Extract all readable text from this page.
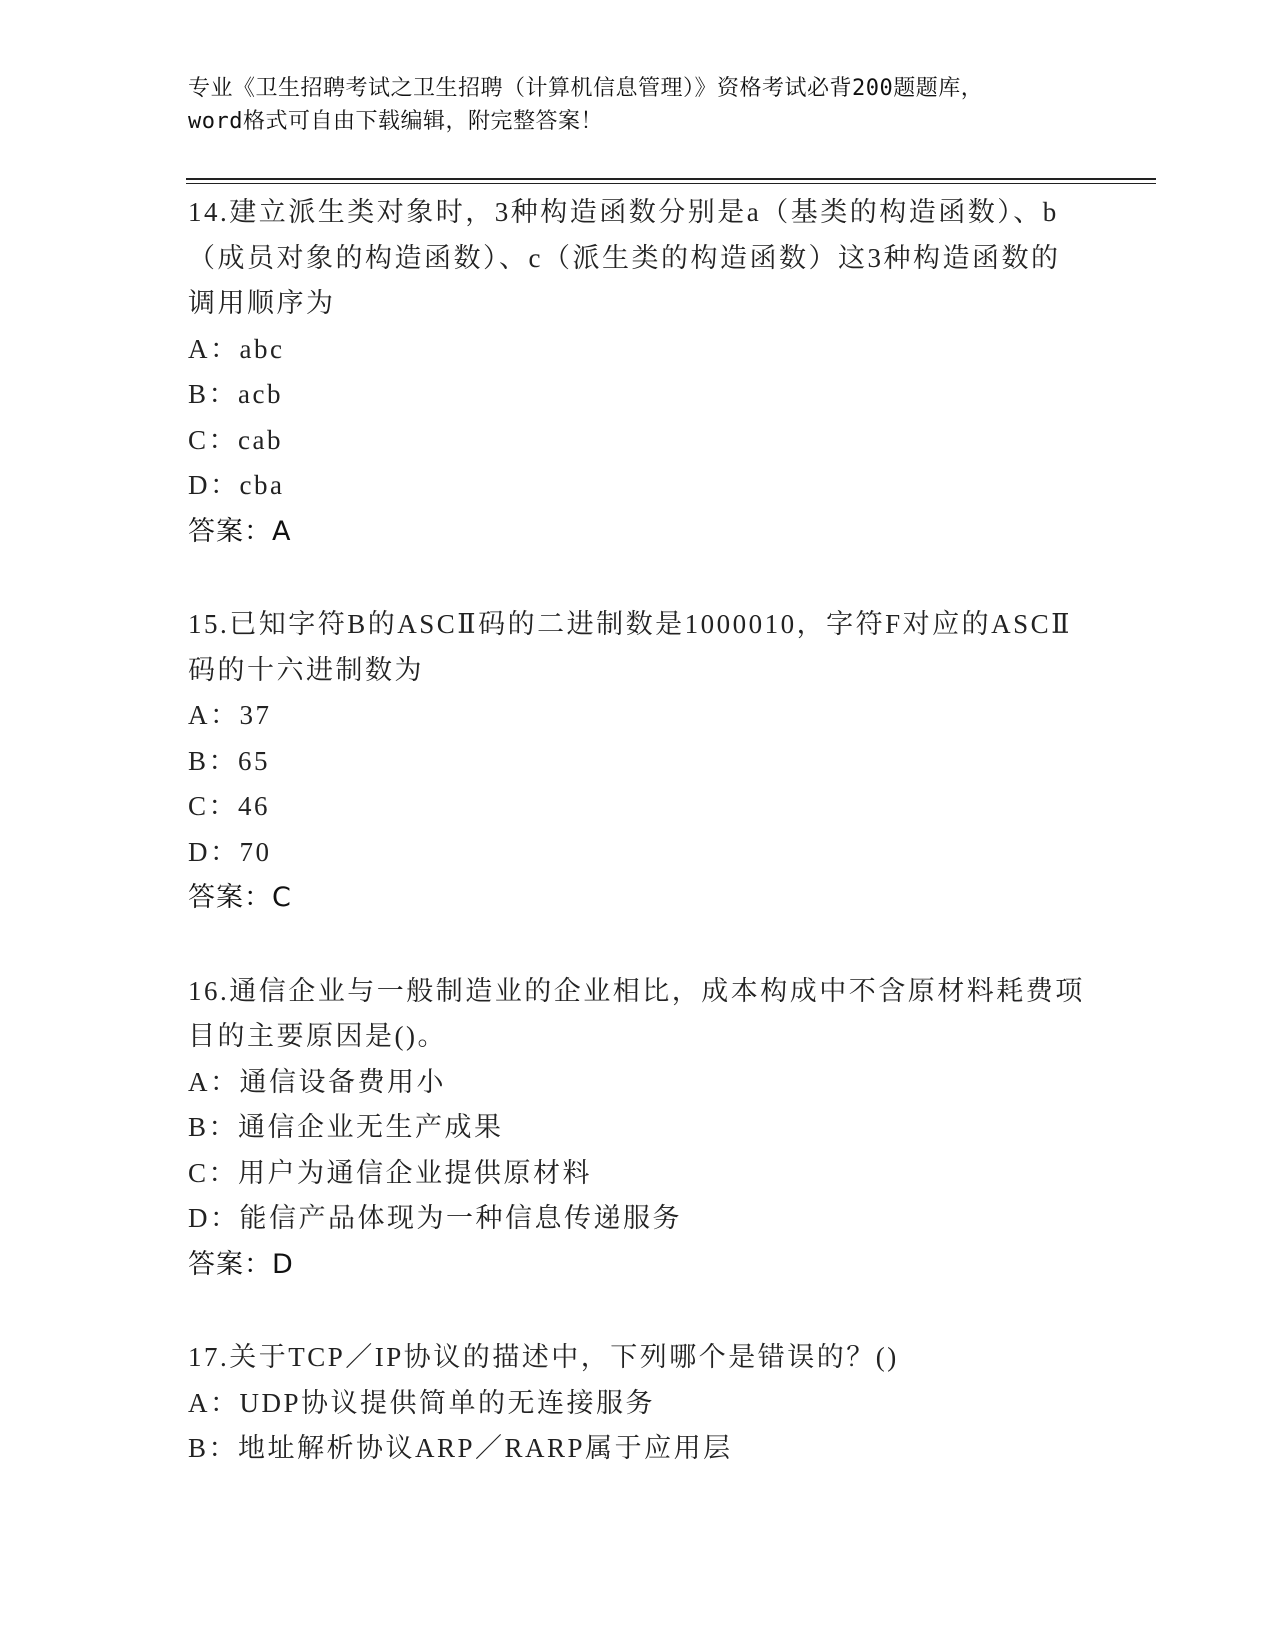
专业《卫生招聘考试之卫生招聘（计算机信息管理）》资格考试必背200题题库，
word格式可自由下载编辑，附完整答案！

14.建立派生类对象时，3种构造函数分别是a（基类的构造函数）、b

（成员对象的构造函数）、c（派生类的构造函数）这3种构造函数的

调用顺序为

A：abc

B：acb

C：cab

D：cba

答案：A

15.已知字符B的ASCⅡ码的二进制数是1000010，字符F对应的ASCⅡ

码的十六进制数为

A：37

B：65

C：46

D：70

答案：C

16.通信企业与一般制造业的企业相比，成本构成中不含原材料耗费项

目的主要原因是()。

A：通信设备费用小

B：通信企业无生产成果

C：用户为通信企业提供原材料

D：能信产品体现为一种信息传递服务

答案：D

17.关于TCP／IP协议的描述中，下列哪个是错误的？()

A：UDP协议提供简单的无连接服务

B：地址解析协议ARP／RARP属于应用层
